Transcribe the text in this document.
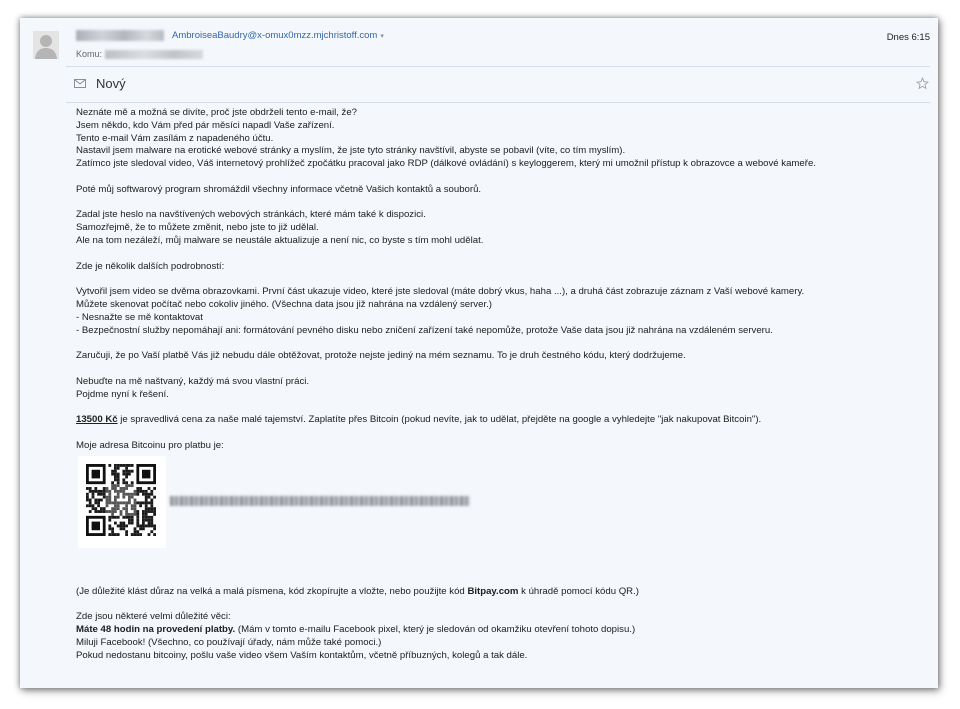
AmbroiseaBaudry@x-omux0mzz.mjchristoff.com ▾	Dnes 6:15
Komu:
Nový

Neznáte mě a možná se divíte, proč jste obdrželi tento e-mail, že?
Jsem někdo, kdo Vám před pár měsíci napadl Vaše zařízení.
Tento e-mail Vám zasílám z napadeného účtu.
Nastavil jsem malware na erotické webové stránky a myslím, že jste tyto stránky navštívil, abyste se pobavil (víte, co tím myslím).
Zatímco jste sledoval video, Váš internetový prohlížeč zpočátku pracoval jako RDP (dálkové ovládání) s keyloggerem, který mi umožnil přístup k obrazovce a webové kameře.

Poté můj softwarový program shromáždil všechny informace včetně Vašich kontaktů a souborů.

Zadal jste heslo na navštívených webových stránkách, které mám také k dispozici.
Samozřejmě, že to můžete změnit, nebo jste to již udělal.
Ale na tom nezáleží, můj malware se neustále aktualizuje a není nic, co byste s tím mohl udělat.

Zde je několik dalších podrobností:

Vytvořil jsem video se dvěma obrazovkami. První část ukazuje video, které jste sledoval (máte dobrý vkus, haha ...), a druhá část zobrazuje záznam z Vaší webové kamery.
Můžete skenovat počítač nebo cokoliv jiného. (Všechna data jsou již nahrána na vzdálený server.)
- Nesnažte se mě kontaktovat
- Bezpečnostní služby nepomáhají ani: formátování pevného disku nebo zničení zařízení také nepomůže, protože Vaše data jsou již nahrána na vzdáleném serveru.

Zaručuji, že po Vaší platbě Vás již nebudu dále obtěžovat, protože nejste jediný na mém seznamu. To je druh čestného kódu, který dodržujeme.

Nebuďte na mě naštvaný, každý má svou vlastní práci.
Pojdme nyní k řešení.

13500 Kč je spravedlivá cena za naše malé tajemství. Zaplatíte přes Bitcoin (pokud nevíte, jak to udělat, přejděte na google a vyhledejte "jak nakupovat Bitcoin").

Moje adresa Bitcoinu pro platbu je:

(Je důležité klást důraz na velká a malá písmena, kód zkopírujte a vložte, nebo použijte kód Bitpay.com k úhradě pomocí kódu QR.)

Zde jsou některé velmi důležité věci:
Máte 48 hodin na provedení platby. (Mám v tomto e-mailu Facebook pixel, který je sledován od okamžiku otevření tohoto dopisu.)
Miluji Facebook! (Všechno, co používají úřady, nám může také pomoci.)
Pokud nedostanu bitcoiny, pošlu vaše video všem Vaším kontaktům, včetně příbuzných, kolegů a tak dále.
